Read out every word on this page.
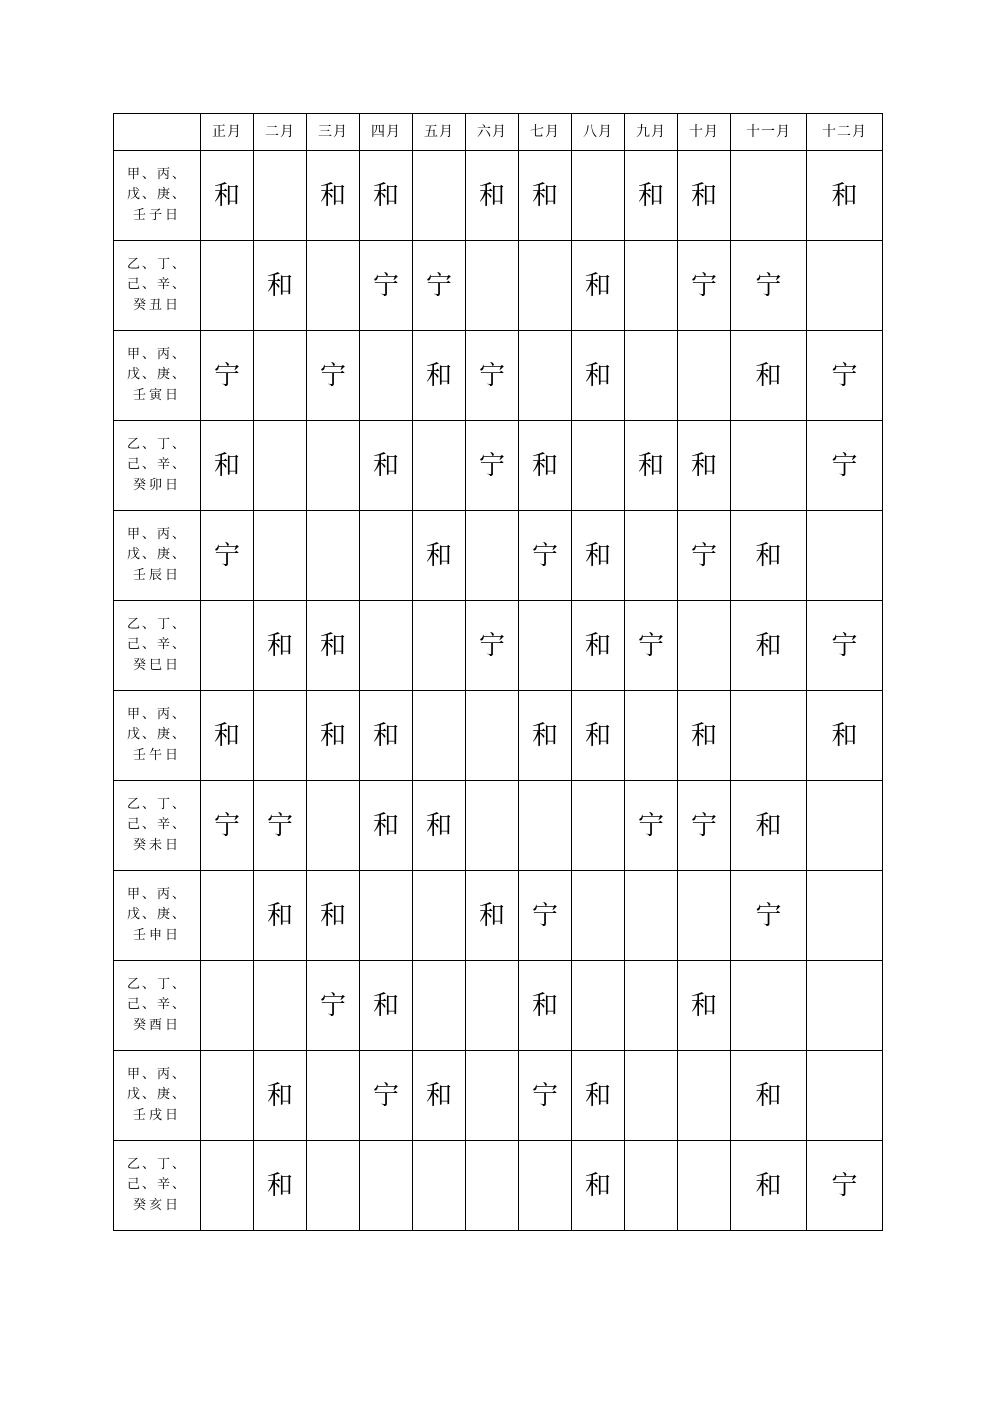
	正月	二月	三月	四月	五月	六月	七月	八月	九月	十月	十一月	十二月

甲、丙、
戊、庚、
壬子日	和		和	和		和	和		和	和		和

乙、丁、
己、辛、
癸丑日		和		宁	宁			和		宁	宁	

甲、丙、
戊、庚、
壬寅日	宁		宁		和	宁		和			和	宁

乙、丁、
己、辛、
癸卯日	和			和		宁	和		和	和		宁

甲、丙、
戊、庚、
壬辰日	宁				和		宁	和		宁	和	

乙、丁、
己、辛、
癸巳日		和	和			宁		和	宁		和	宁

甲、丙、
戊、庚、
壬午日	和		和	和			和	和		和		和

乙、丁、
己、辛、
癸未日	宁	宁		和	和				宁	宁	和	

甲、丙、
戊、庚、
壬申日		和	和			和	宁				宁	

乙、丁、
己、辛、
癸酉日			宁	和			和			和		

甲、丙、
戊、庚、
壬戌日		和		宁	和		宁	和			和	

乙、丁、
己、辛、
癸亥日		和						和			和	宁
